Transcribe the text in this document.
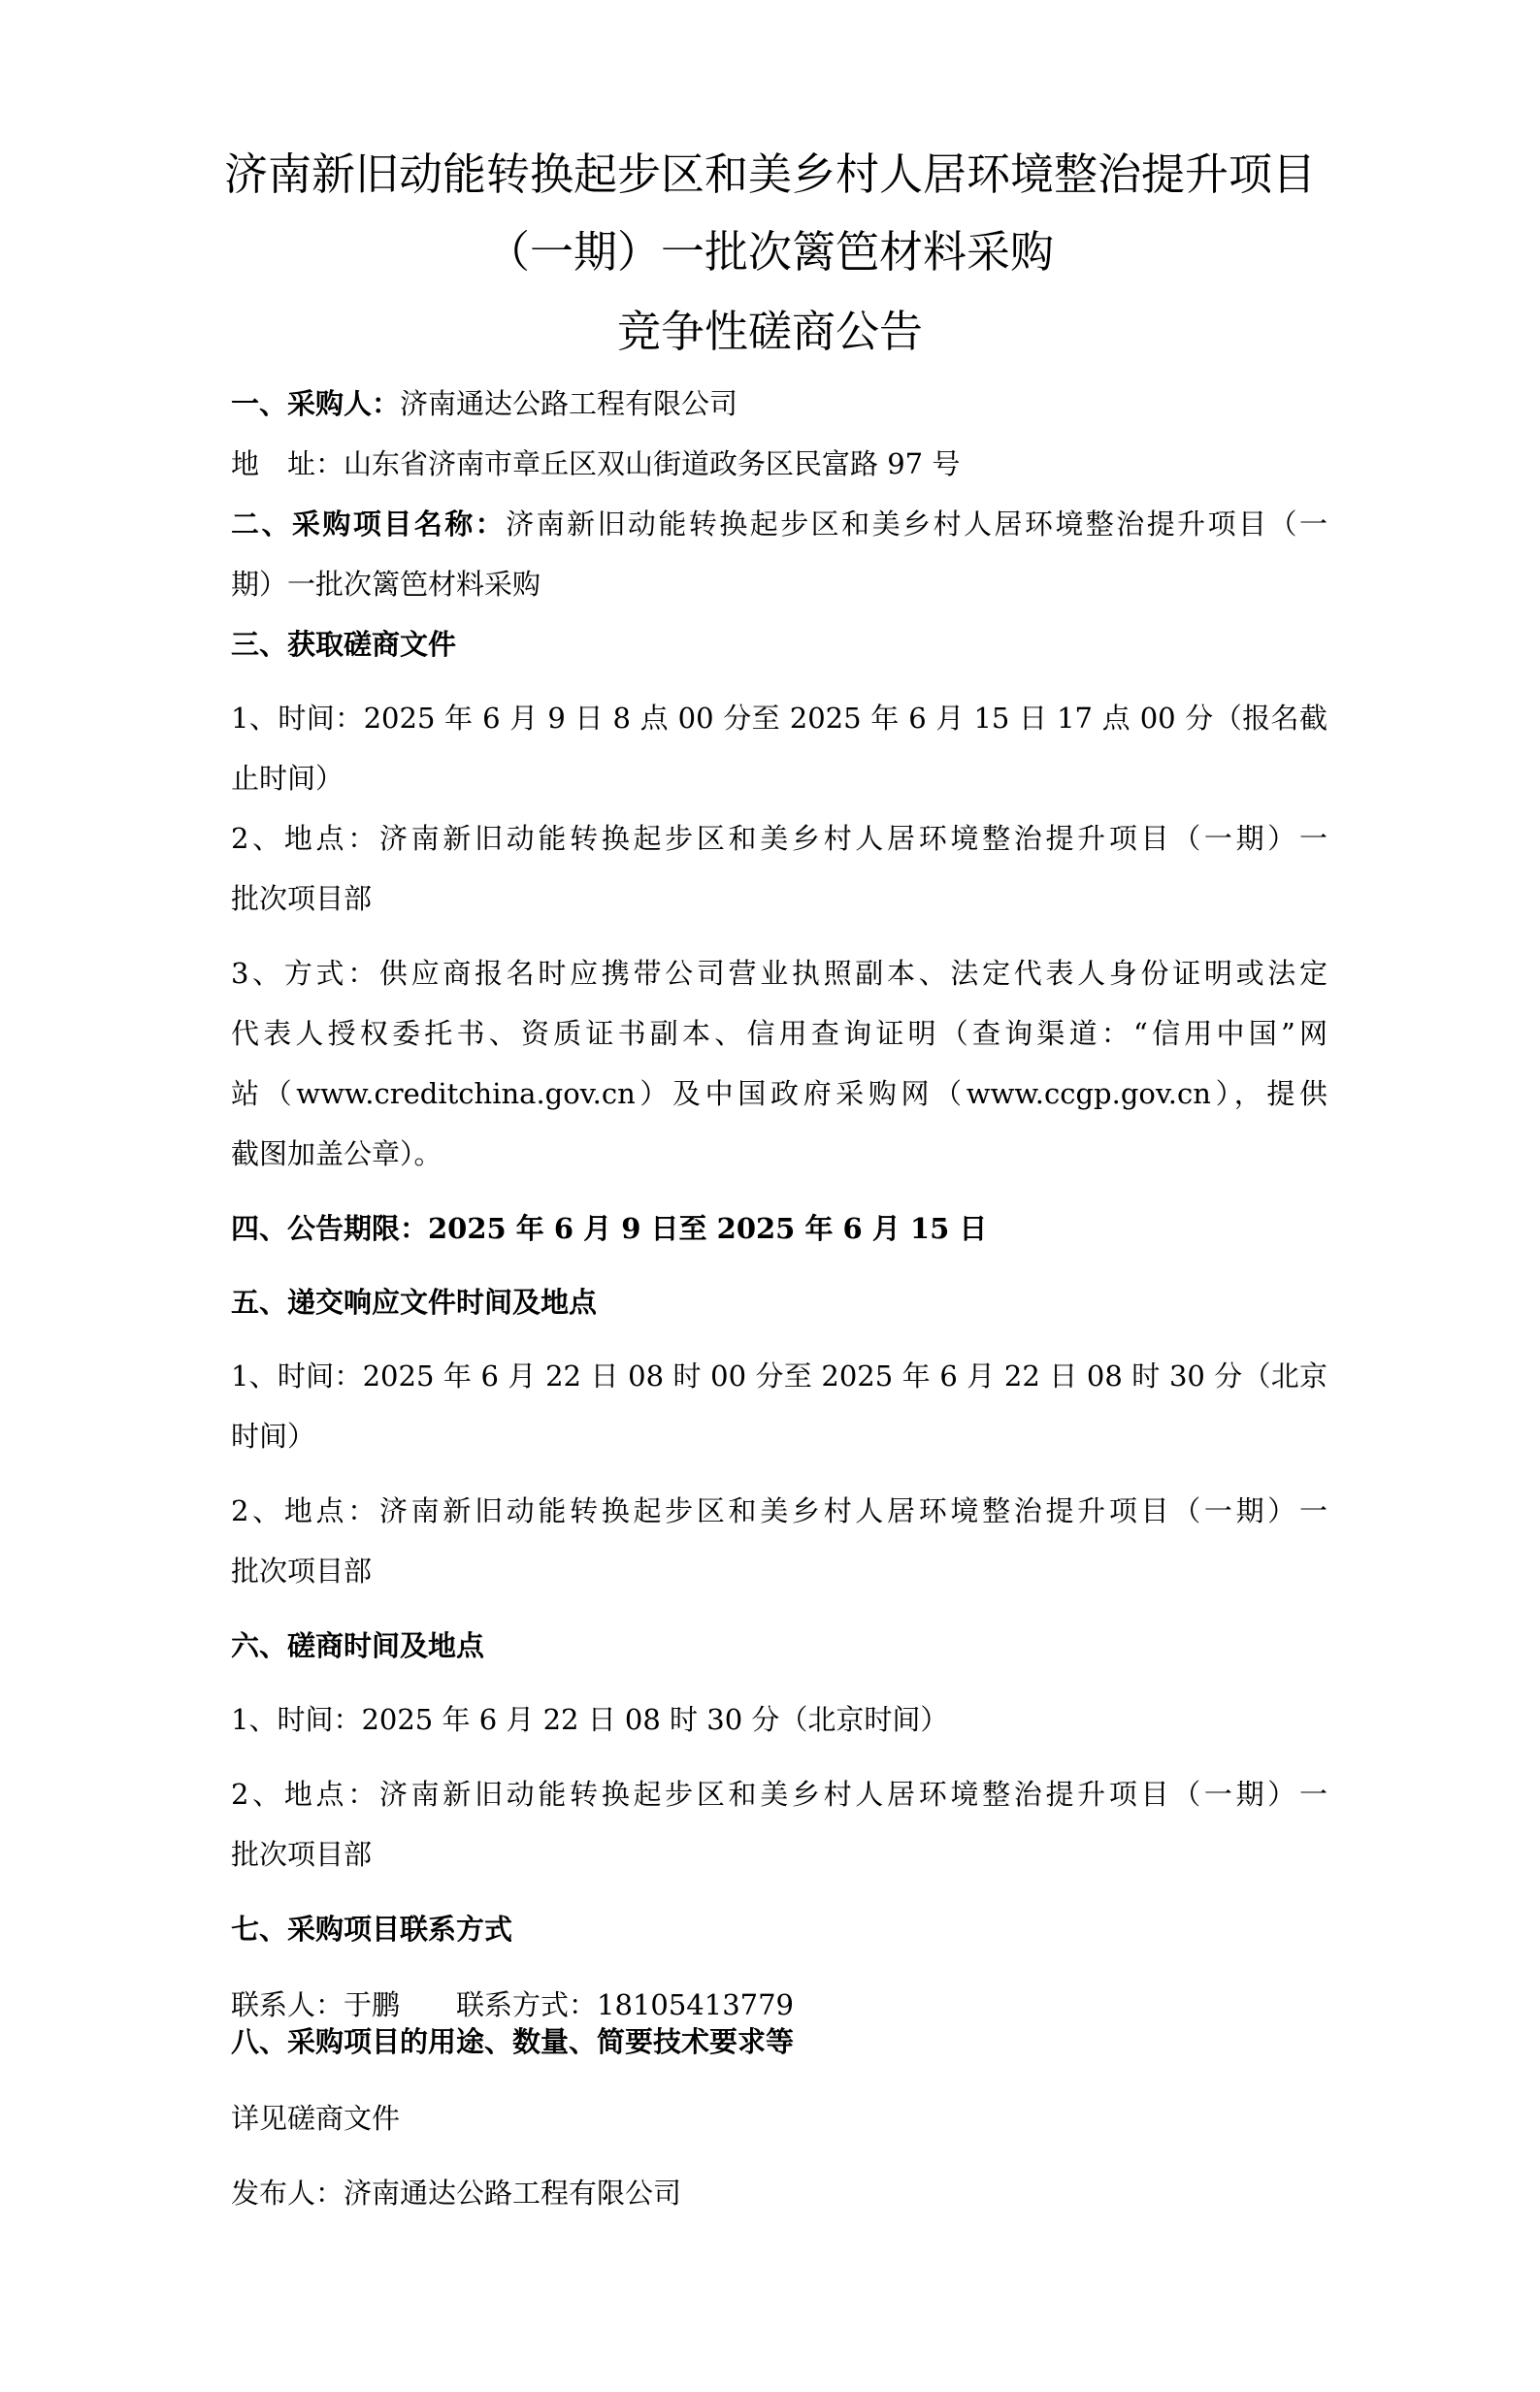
济南新旧动能转换起步区和美乡村人居环境整治提升项目
（一期）一批次篱笆材料采购
竞争性磋商公告
一、采购人：济南通达公路工程有限公司
地　址：山东省济南市章丘区双山街道政务区民富路 97 号
二、采购项目名称：济南新旧动能转换起步区和美乡村人居环境整治提升项目（一
期）一批次篱笆材料采购
三、获取磋商文件
1、时间：2025 年 6 月 9 日 8 点 00 分至 2025 年 6 月 15 日 17 点 00 分（报名截
止时间）
2、地点：济南新旧动能转换起步区和美乡村人居环境整治提升项目（一期）一
批次项目部
3、方式：供应商报名时应携带公司营业执照副本、法定代表人身份证明或法定
代表人授权委托书、资质证书副本、信用查询证明（查询渠道：“信用中国”网
站（www.creditchina.gov.cn）及中国政府采购网（www.ccgp.gov.cn），提供
截图加盖公章）。
四、公告期限：2025 年 6 月 9 日至 2025 年 6 月 15 日
五、递交响应文件时间及地点
1、时间：2025 年 6 月 22 日 08 时 00 分至 2025 年 6 月 22 日 08 时 30 分（北京
时间）
2、地点：济南新旧动能转换起步区和美乡村人居环境整治提升项目（一期）一
批次项目部
六、磋商时间及地点
1、时间：2025 年 6 月 22 日 08 时 30 分（北京时间）
2、地点：济南新旧动能转换起步区和美乡村人居环境整治提升项目（一期）一
批次项目部
七、采购项目联系方式
联系人：于鹏 联系方式：18105413779
八、采购项目的用途、数量、简要技术要求等
详见磋商文件
发布人：济南通达公路工程有限公司
